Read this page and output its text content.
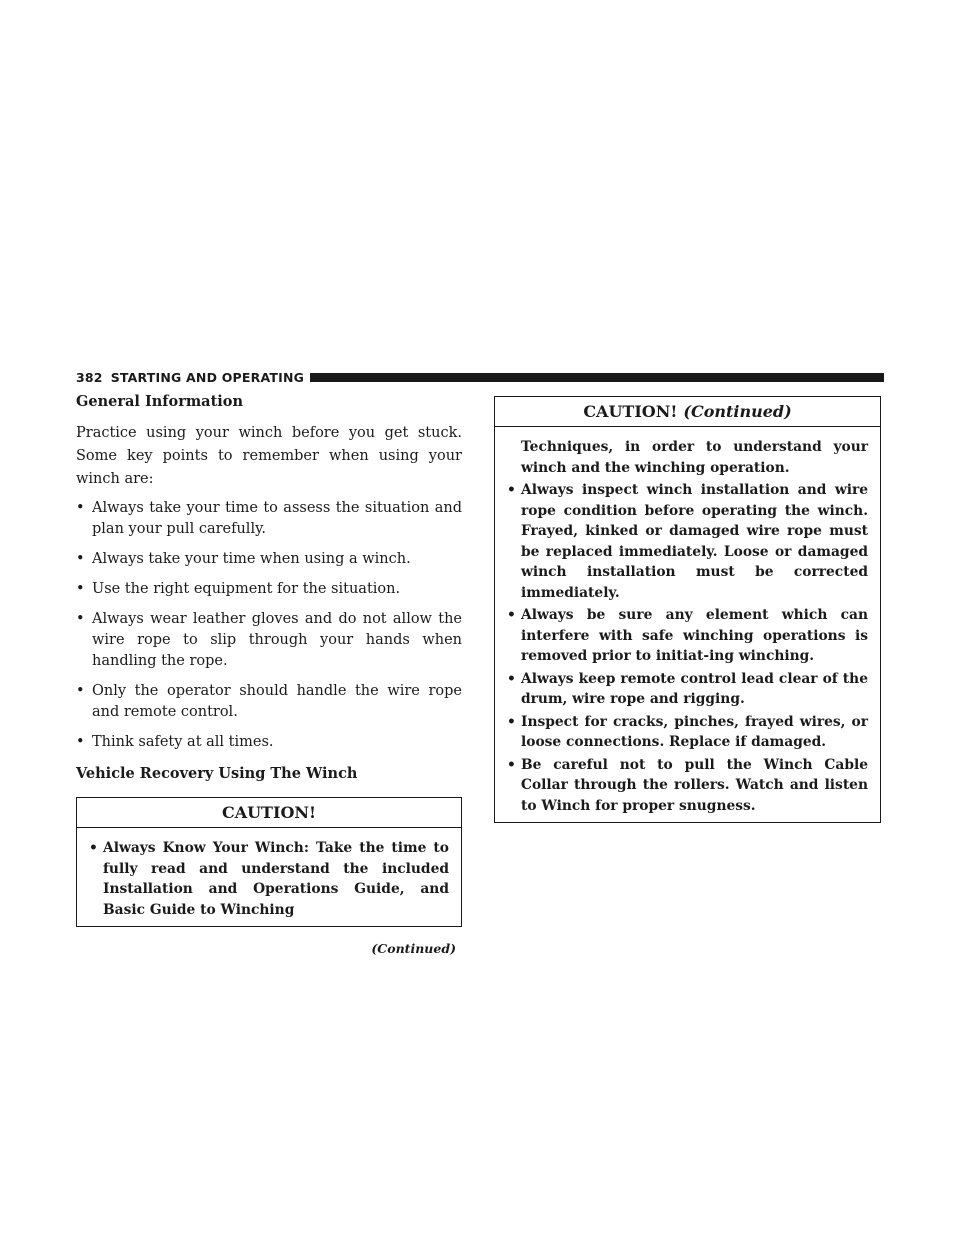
382 STARTING AND OPERATING
General Information

Practice using your winch before you get stuck. Some key points to remember when using your winch are:

• Always take your time to assess the situation and plan your pull carefully.
• Always take your time when using a winch.
• Use the right equipment for the situation.
• Always wear leather gloves and do not allow the wire rope to slip through your hands when handling the rope.
• Only the operator should handle the wire rope and remote control.
• Think safety at all times.
Vehicle Recovery Using The Winch
CAUTION!
• Always Know Your Winch: Take the time to fully read and understand the included Installation and Operations Guide, and Basic Guide to Winching
(Continued)
CAUTION! (Continued)

Techniques, in order to understand your winch and the winching operation.

• Always inspect winch installation and wire rope condition before operating the winch. Frayed, kinked or damaged wire rope must be replaced immediately. Loose or damaged winch installation must be corrected immediately.
• Always be sure any element which can interfere with safe winching operations is removed prior to initiat-ing winching.
• Always keep remote control lead clear of the drum, wire rope and rigging.
• Inspect for cracks, pinches, frayed wires, or loose connections. Replace if damaged.
• Be careful not to pull the Winch Cable Collar through the rollers. Watch and listen to Winch for proper snugness.
